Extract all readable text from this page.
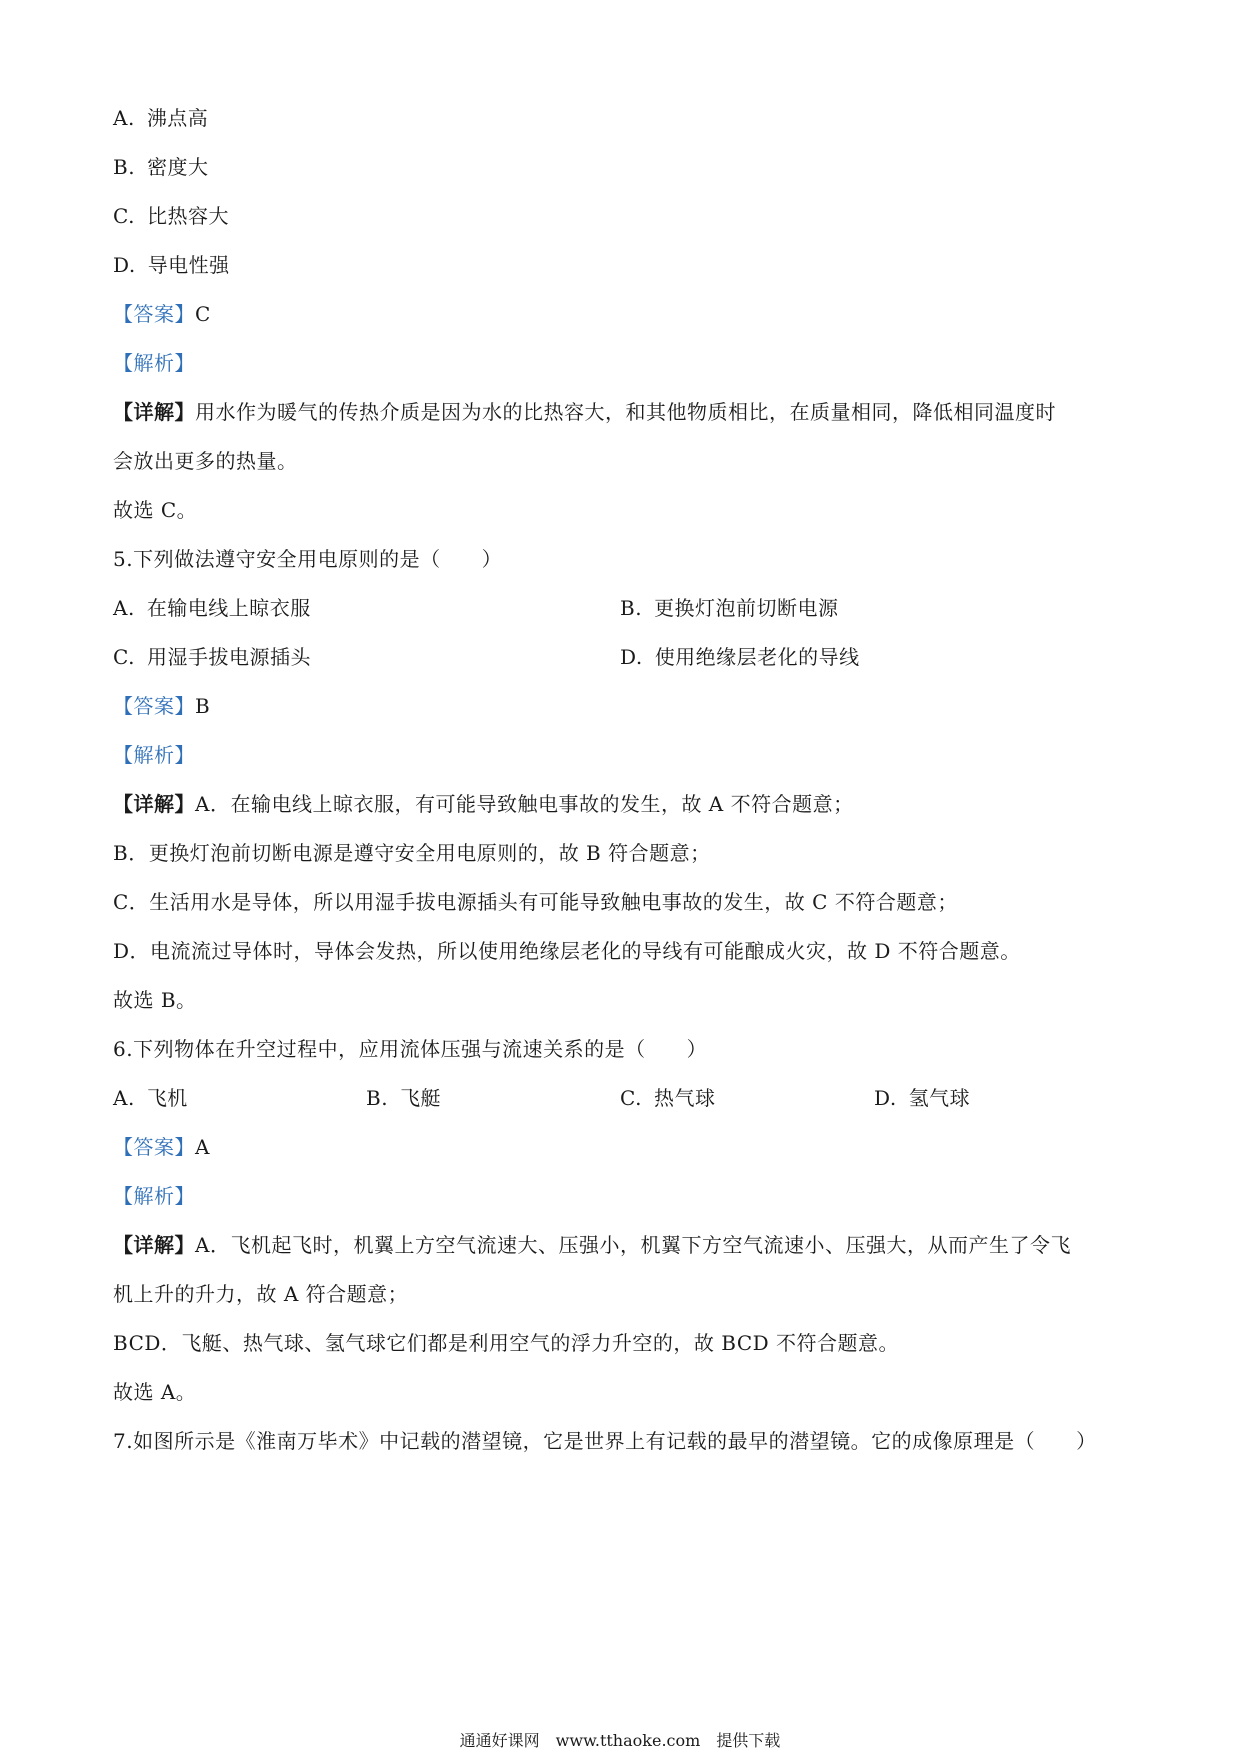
A. 沸点高
B. 密度大
C. 比热容大
D. 导电性强
【答案】C
【解析】
【详解】用水作为暖气的传热介质是因为水的比热容大，和其他物质相比，在质量相同，降低相同温度时
会放出更多的热量。
故选 C。
5.下列做法遵守安全用电原则的是（　　）
A. 在输电线上晾衣服	B. 更换灯泡前切断电源
C. 用湿手拔电源插头	D. 使用绝缘层老化的导线
【答案】B
【解析】
【详解】A．在输电线上晾衣服，有可能导致触电事故的发生，故 A 不符合题意；
B．更换灯泡前切断电源是遵守安全用电原则的，故 B 符合题意；
C．生活用水是导体，所以用湿手拔电源插头有可能导致触电事故的发生，故 C 不符合题意；
D．电流流过导体时，导体会发热，所以使用绝缘层老化的导线有可能酿成火灾，故 D 不符合题意。
故选 B。
6.下列物体在升空过程中，应用流体压强与流速关系的是（　　）
A. 飞机	B. 飞艇	C. 热气球	D. 氢气球
【答案】A
【解析】
【详解】A．飞机起飞时，机翼上方空气流速大、压强小，机翼下方空气流速小、压强大，从而产生了令飞
机上升的升力，故 A 符合题意；
BCD．飞艇、热气球、氢气球它们都是利用空气的浮力升空的，故 BCD 不符合题意。
故选 A。
7.如图所示是《淮南万毕术》中记载的潜望镜，它是世界上有记载的最早的潜望镜。它的成像原理是（　　）
通通好课网　www.tthaoke.com　提供下载
